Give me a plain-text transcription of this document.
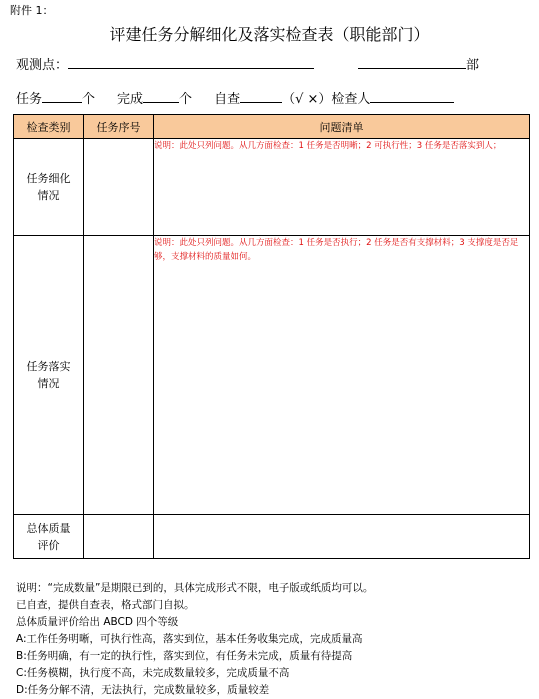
附件 1：
评建任务分解细化及落实检查表（职能部门）
观测点：	部
任务	个 完成	个 自查	（√ ×）检查人
检查类别	任务序号	问题清单
任务细化
情况		说明：此处只列问题。从几方面检查：1 任务是否明晰；2 可执行性；3 任务是否落实到人；
任务落实
情况		说明：此处只列问题。从几方面检查：1 任务是否执行；2 任务是否有支撑材料；3 支撑度是否足够，支撑材料的质量如何。
总体质量
评价		
说明：“完成数量”是期限已到的，具体完成形式不限，电子版或纸质均可以。
已自查，提供自查表，格式部门自拟。
总体质量评价给出 ABCD 四个等级
A:工作任务明晰，可执行性高，落实到位，基本任务收集完成，完成质量高
B:任务明确，有一定的执行性，落实到位，有任务未完成，质量有待提高
C:任务模糊，执行度不高，未完成数量较多，完成质量不高
D:任务分解不清，无法执行，完成数量较多，质量较差
